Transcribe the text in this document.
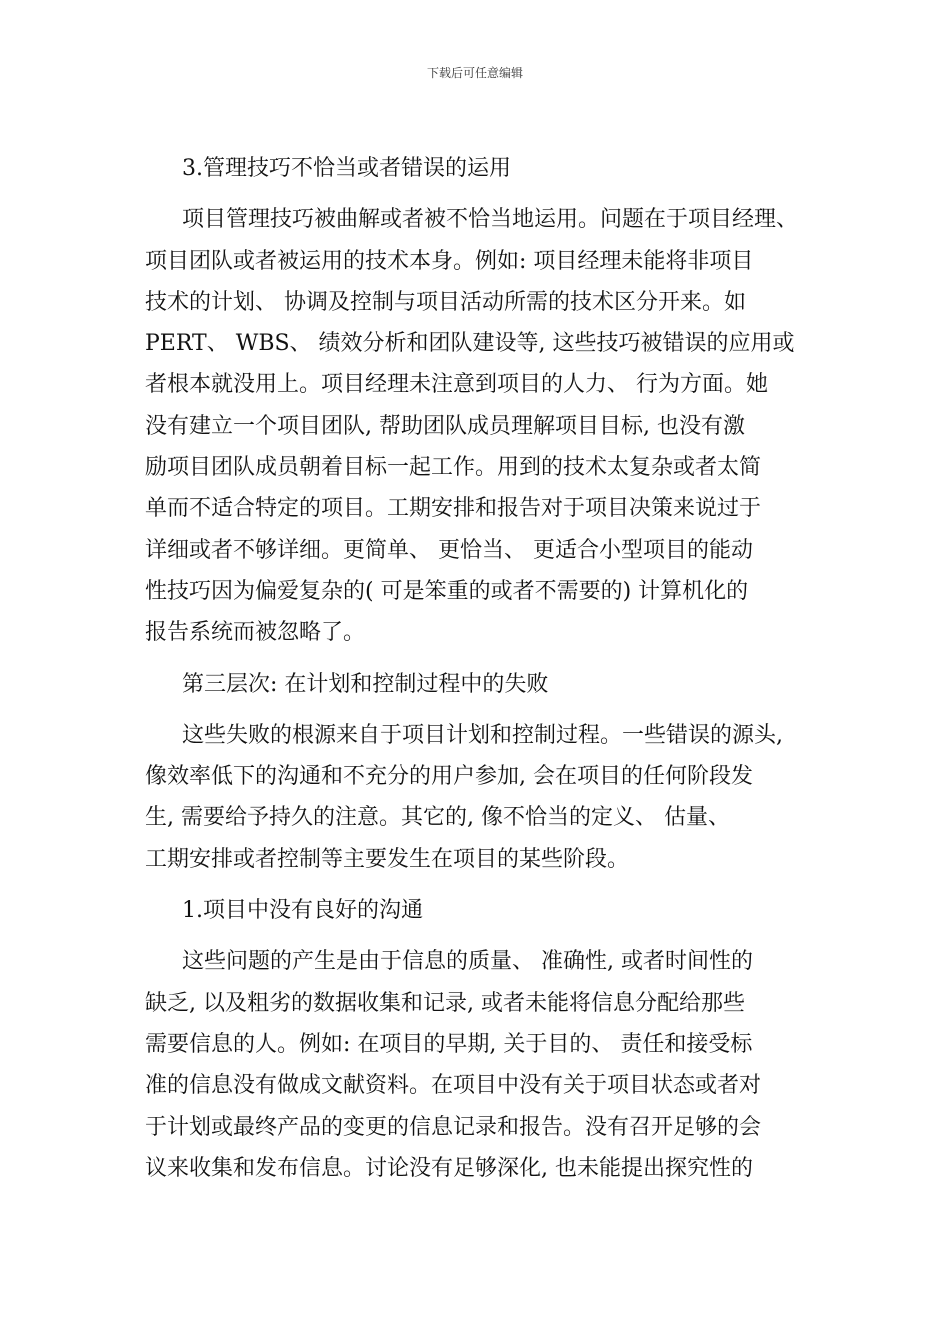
下载后可任意编辑
3.管理技巧不恰当或者错误的运用
项目管理技巧被曲解或者被不恰当地运用。问题在于项目经理、
项目团队或者被运用的技术本身。例如: 项目经理未能将非项目
技术的计划、 协调及控制与项目活动所需的技术区分开来。如
PERT、 WBS、 绩效分析和团队建设等, 这些技巧被错误的应用或
者根本就没用上。项目经理未注意到项目的人力、 行为方面。她
没有建立一个项目团队, 帮助团队成员理解项目目标, 也没有激
励项目团队成员朝着目标一起工作。用到的技术太复杂或者太简
单而不适合特定的项目。工期安排和报告对于项目决策来说过于
详细或者不够详细。更简单、 更恰当、 更适合小型项目的能动
性技巧因为偏爱复杂的( 可是笨重的或者不需要的) 计算机化的
报告系统而被忽略了。
第三层次: 在计划和控制过程中的失败
这些失败的根源来自于项目计划和控制过程。一些错误的源头,
像效率低下的沟通和不充分的用户参加, 会在项目的任何阶段发
生, 需要给予持久的注意。其它的, 像不恰当的定义、 估量、
工期安排或者控制等主要发生在项目的某些阶段。
1.项目中没有良好的沟通
这些问题的产生是由于信息的质量、 准确性, 或者时间性的
缺乏, 以及粗劣的数据收集和记录, 或者未能将信息分配给那些
需要信息的人。例如: 在项目的早期, 关于目的、 责任和接受标
准的信息没有做成文献资料。在项目中没有关于项目状态或者对
于计划或最终产品的变更的信息记录和报告。没有召开足够的会
议来收集和发布信息。讨论没有足够深化, 也未能提出探究性的
